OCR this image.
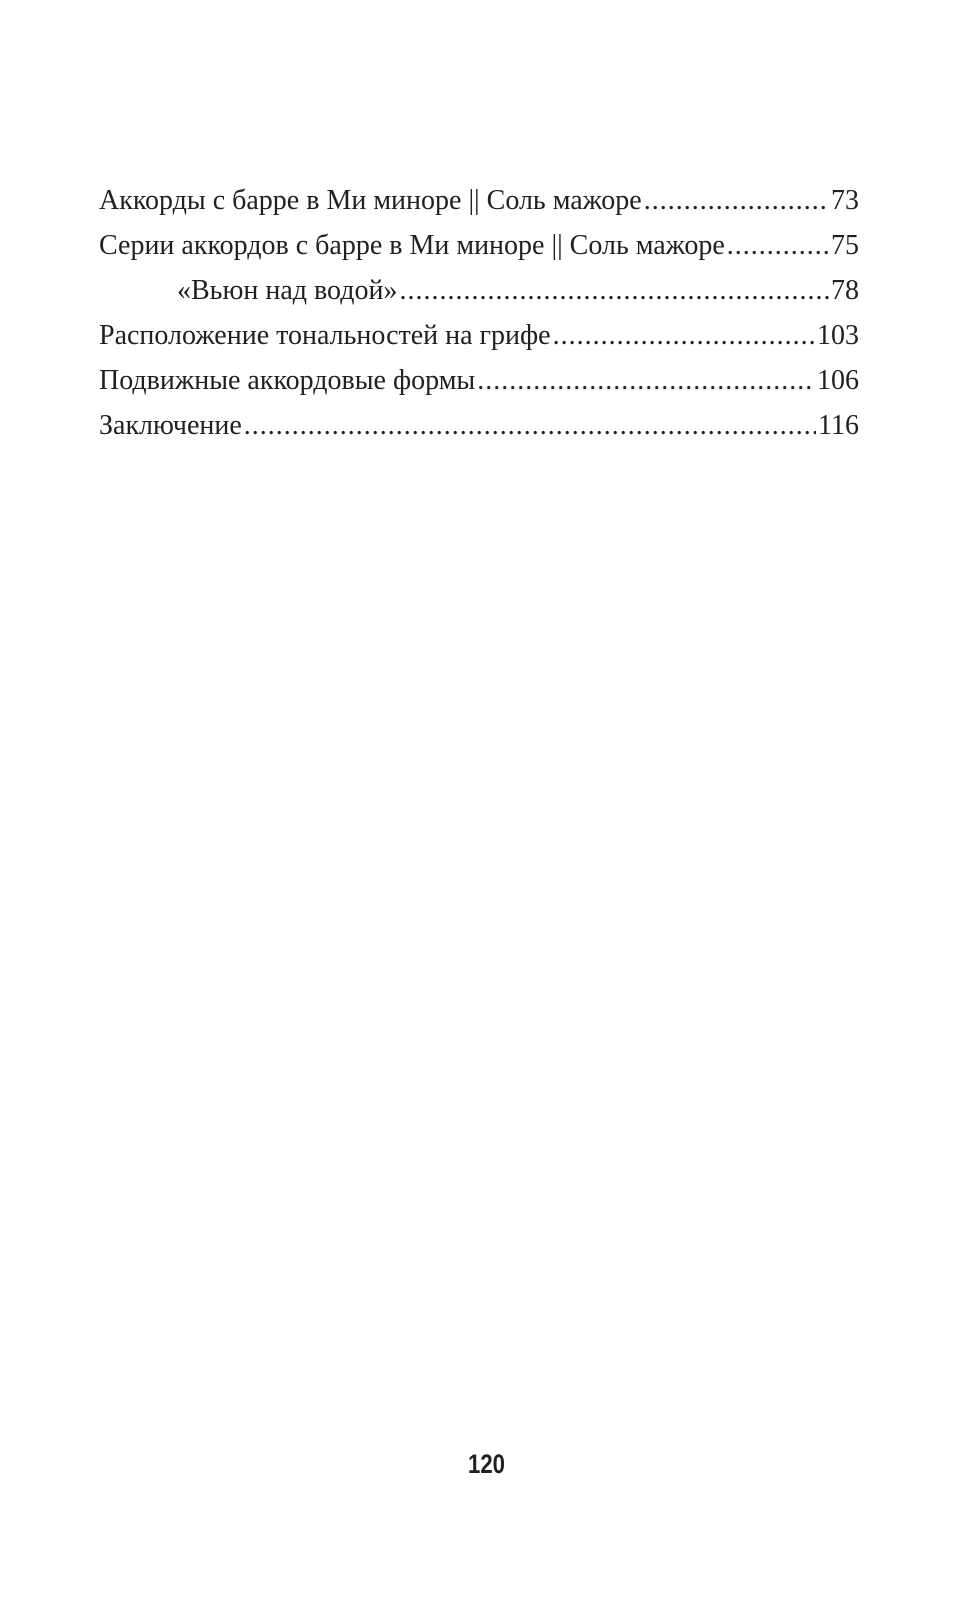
Аккорды с барре в Ми миноре || Соль мажоре .....	73
Серии аккордов с барре в Ми миноре || Соль мажоре .....	75
«Вьюн над водой» .....	78
Расположение тональностей на грифе .....	103
Подвижные аккордовые формы .....	106
Заключение .....	116
120
